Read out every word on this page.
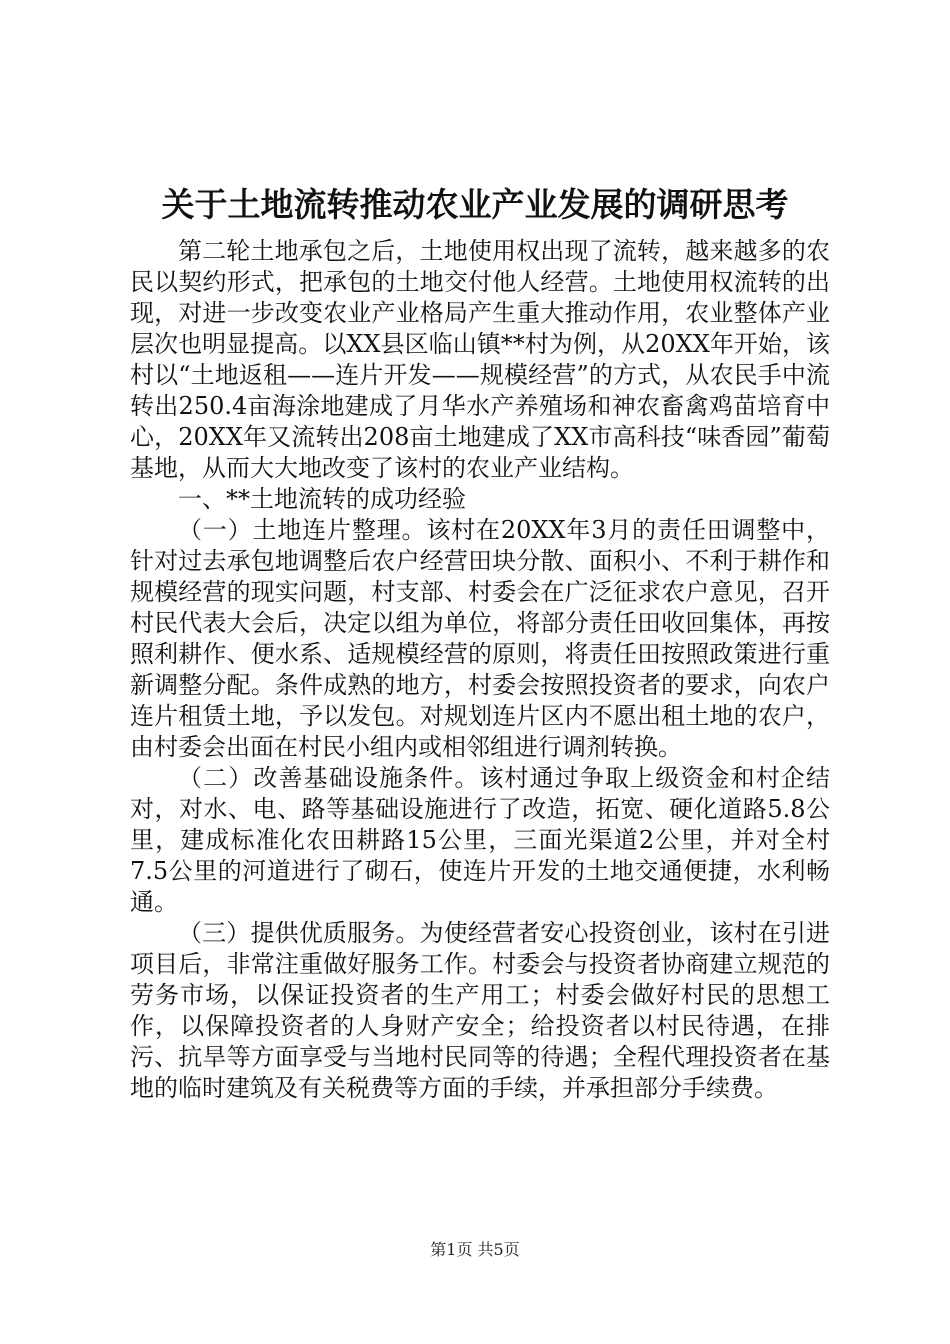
关于土地流转推动农业产业发展的调研思考

第二轮土地承包之后，土地使用权出现了流转，越来越多的农民以契约形式，把承包的土地交付他人经营。土地使用权流转的出现，对进一步改变农业产业格局产生重大推动作用，农业整体产业层次也明显提高。以XX县区临山镇**村为例，从20XX年开始，该村以“土地返租——连片开发——规模经营”的方式，从农民手中流转出250.4亩海涂地建成了月华水产养殖场和神农畜禽鸡苗培育中心，20XX年又流转出208亩土地建成了XX市高科技“味香园”葡萄基地，从而大大地改变了该村的农业产业结构。

一、**土地流转的成功经验

（一）土地连片整理。该村在20XX年3月的责任田调整中，针对过去承包地调整后农户经营田块分散、面积小、不利于耕作和规模经营的现实问题，村支部、村委会在广泛征求农户意见，召开村民代表大会后，决定以组为单位，将部分责任田收回集体，再按照利耕作、便水系、适规模经营的原则，将责任田按照政策进行重新调整分配。条件成熟的地方，村委会按照投资者的要求，向农户连片租赁土地，予以发包。对规划连片区内不愿出租土地的农户，由村委会出面在村民小组内或相邻组进行调剂转换。

（二）改善基础设施条件。该村通过争取上级资金和村企结对，对水、电、路等基础设施进行了改造，拓宽、硬化道路5.8公里，建成标准化农田耕路15公里，三面光渠道2公里，并对全村7.5公里的河道进行了砌石，使连片开发的土地交通便捷，水利畅通。

（三）提供优质服务。为使经营者安心投资创业，该村在引进项目后，非常注重做好服务工作。村委会与投资者协商建立规范的劳务市场，以保证投资者的生产用工；村委会做好村民的思想工作，以保障投资者的人身财产安全；给投资者以村民待遇，在排污、抗旱等方面享受与当地村民同等的待遇；全程代理投资者在基地的临时建筑及有关税费等方面的手续，并承担部分手续费。

第1页 共5页
